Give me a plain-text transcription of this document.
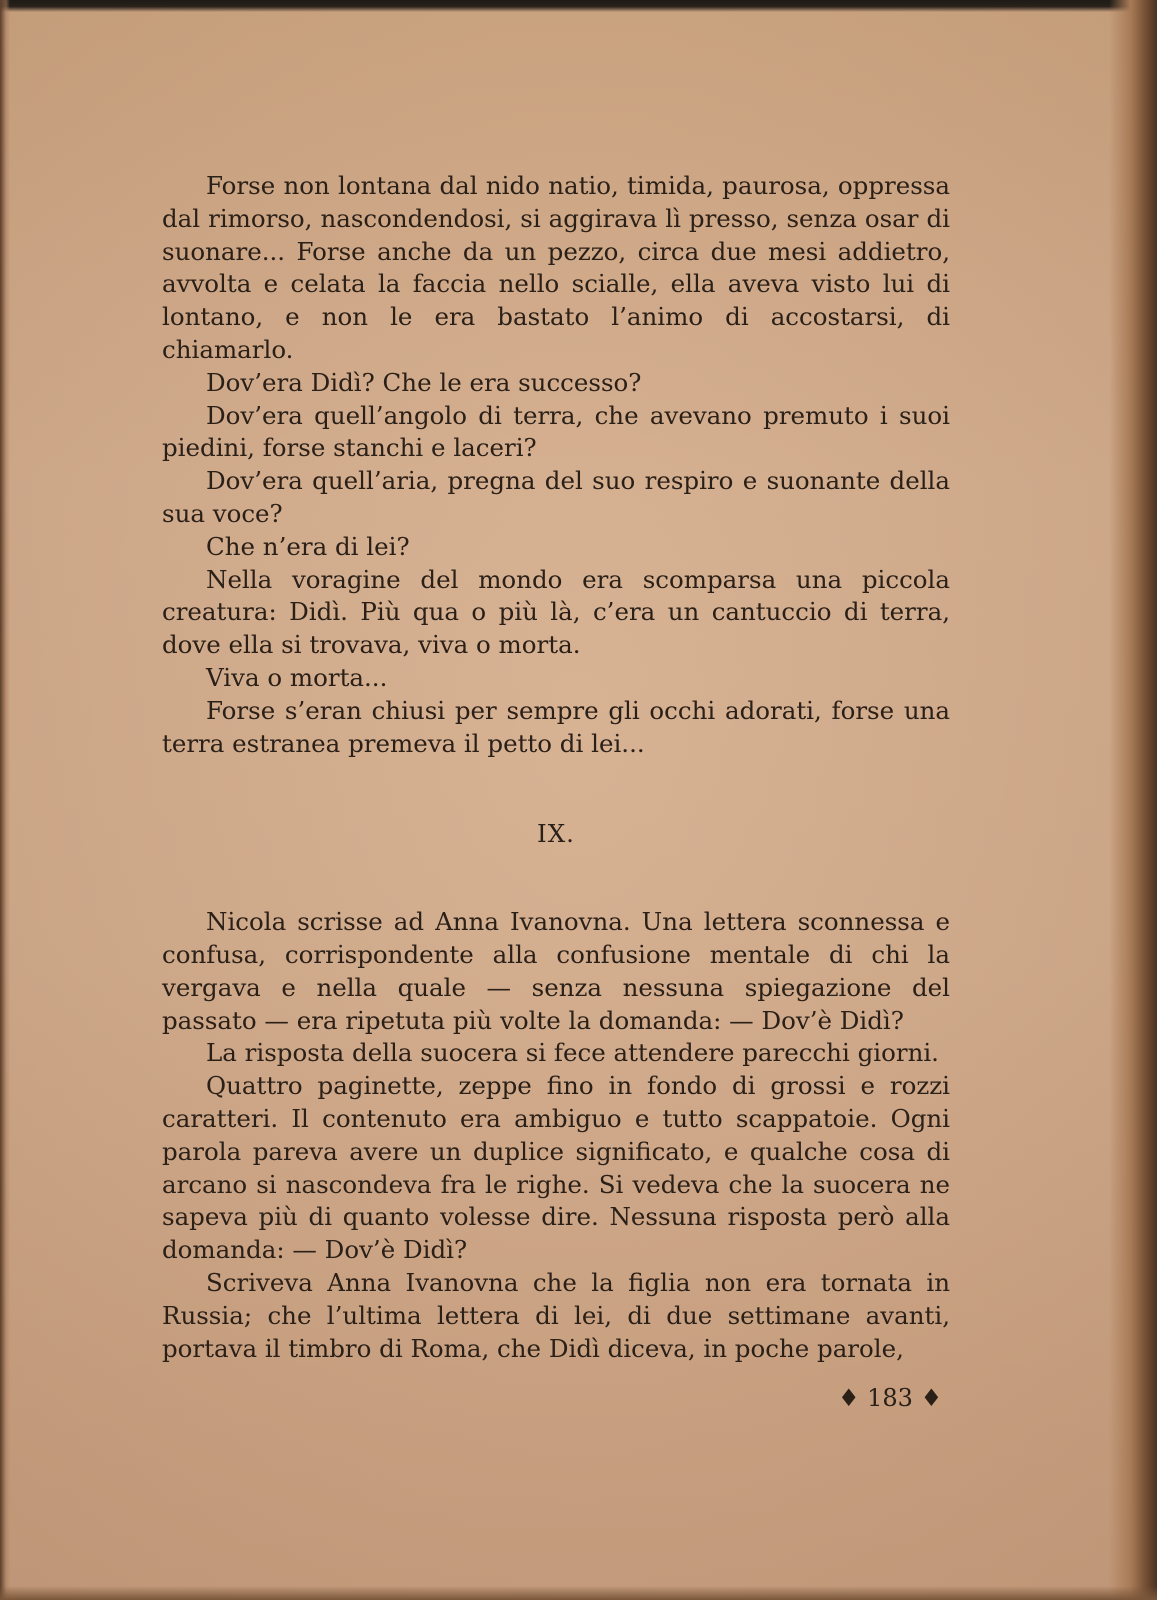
Forse non lontana dal nido natio, timida, paurosa, oppressa dal rimorso, nascondendosi, si aggirava lì presso, senza osar di suonare... Forse anche da un pezzo, circa due mesi addietro, avvolta e celata la faccia nello scialle, ella aveva visto lui di lontano, e non le era bastato l’animo di accostarsi, di chiamarlo.

Dov’era Didì? Che le era successo?

Dov’era quell’angolo di terra, che avevano premuto i suoi piedini, forse stanchi e laceri?

Dov’era quell’aria, pregna del suo respiro e suonante della sua voce?

Che n’era di lei?

Nella voragine del mondo era scomparsa una piccola creatura: Didì. Più qua o più là, c’era un cantuccio di terra, dove ella si trovava, viva o morta.

Viva o morta...

Forse s’eran chiusi per sempre gli occhi adorati, forse una terra estranea premeva il petto di lei...

IX.

Nicola scrisse ad Anna Ivanovna. Una lettera sconnessa e confusa, corrispondente alla confusione mentale di chi la vergava e nella quale — senza nessuna spiegazione del passato — era ripetuta più volte la domanda: — Dov’è Didì?

La risposta della suocera si fece attendere parecchi giorni.

Quattro paginette, zeppe fino in fondo di grossi e rozzi caratteri. Il contenuto era ambiguo e tutto scappatoie. Ogni parola pareva avere un duplice significato, e qualche cosa di arcano si nascondeva fra le righe. Si vedeva che la suocera ne sapeva più di quanto volesse dire. Nessuna risposta però alla domanda: — Dov’è Didì?

Scriveva Anna Ivanovna che la figlia non era tornata in Russia; che l’ultima lettera di lei, di due settimane avanti, portava il timbro di Roma, che Didì diceva, in poche parole,

♦ 183 ♦
